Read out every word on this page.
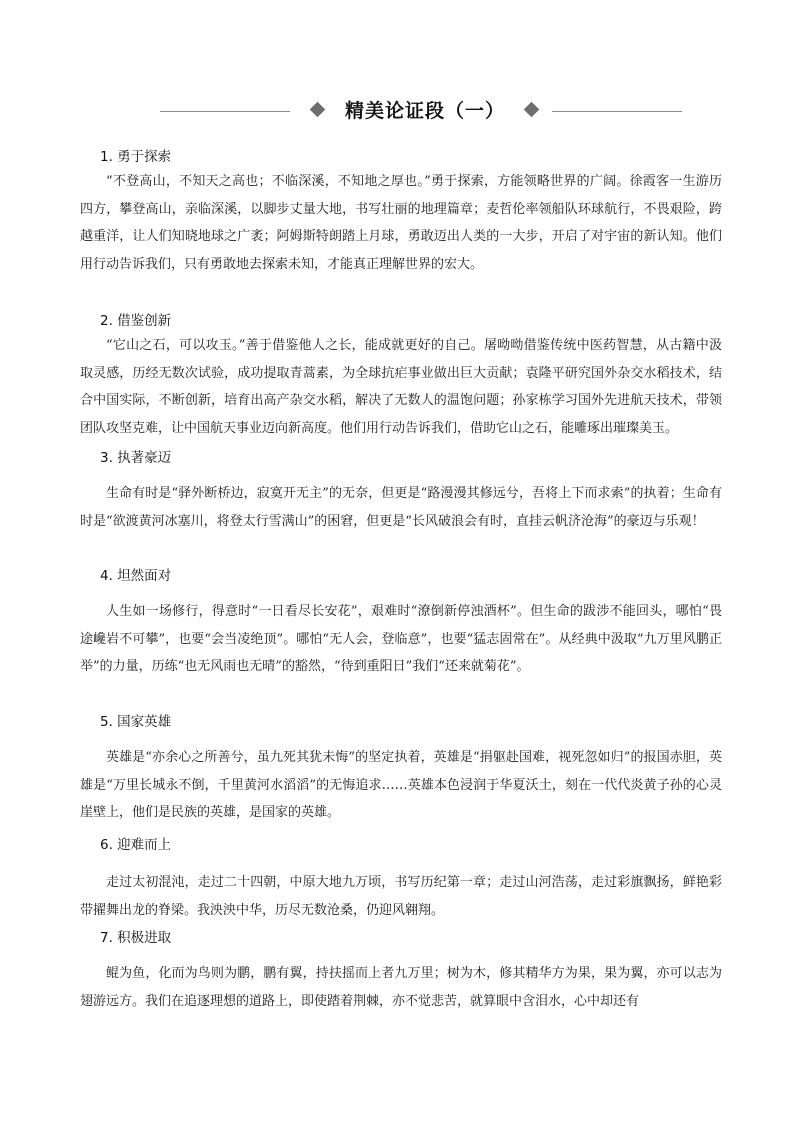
精美论证段（一）
1. 勇于探索

“不登高山，不知天之高也；不临深溪，不知地之厚也。”勇于探索，方能领略世界的广阔。徐霞客一生游历四方，攀登高山，亲临深溪，以脚步丈量大地，书写壮丽的地理篇章；麦哲伦率领船队环球航行，不畏艰险，跨越重洋，让人们知晓地球之广袤；阿姆斯特朗踏上月球，勇敢迈出人类的一大步，开启了对宇宙的新认知。他们用行动告诉我们，只有勇敢地去探索未知，才能真正理解世界的宏大。

2. 借鉴创新

“它山之石，可以攻玉。”善于借鉴他人之长，能成就更好的自己。屠呦呦借鉴传统中医药智慧，从古籍中汲取灵感，历经无数次试验，成功提取青蒿素，为全球抗疟事业做出巨大贡献；袁隆平研究国外杂交水稻技术，结合中国实际，不断创新，培育出高产杂交水稻，解决了无数人的温饱问题；孙家栋学习国外先进航天技术，带领团队攻坚克难，让中国航天事业迈向新高度。他们用行动告诉我们，借助它山之石，能雕琢出璀璨美玉。

3. 执著豪迈

生命有时是“驿外断桥边，寂寞开无主”的无奈，但更是“路漫漫其修远兮，吾将上下而求索”的执着；生命有时是“欲渡黄河冰塞川，将登太行雪满山”的困窘，但更是“长风破浪会有时，直挂云帆济沧海”的豪迈与乐观！

4. 坦然面对

人生如一场修行，得意时“一日看尽长安花”，艰难时“潦倒新停浊酒杯”。但生命的跋涉不能回头，哪怕“畏途巉岩不可攀”，也要“会当凌绝顶”。哪怕“无人会，登临意”，也要“猛志固常在”。从经典中汲取“九万里风鹏正举”的力量，历练“也无风雨也无晴”的豁然，“待到重阳日”我们“还来就菊花”。

5. 国家英雄

英雄是“亦余心之所善兮，虽九死其犹未悔”的坚定执着，英雄是“捐躯赴国难，视死忽如归”的报国赤胆，英雄是“万里长城永不倒，千里黄河水滔滔”的无悔追求……英雄本色浸润于华夏沃土，刻在一代代炎黄子孙的心灵崖壁上，他们是民族的英雄，是国家的英雄。

6. 迎难而上

走过太初混沌，走过二十四朝，中原大地九万顷，书写历纪第一章；走过山河浩荡，走过彩旗飘扬，鲜艳彩带擢舞出龙的脊梁。我泱泱中华，历尽无数沧桑，仍迎风翱翔。

7. 积极进取

鲲为鱼，化而为鸟则为鹏，鹏有翼，持扶摇而上者九万里；树为木，修其精华方为果，果为翼，亦可以志为翅游远方。我们在追逐理想的道路上，即使踏着荆棘，亦不觉悲苦，就算眼中含泪水，心中却还有
